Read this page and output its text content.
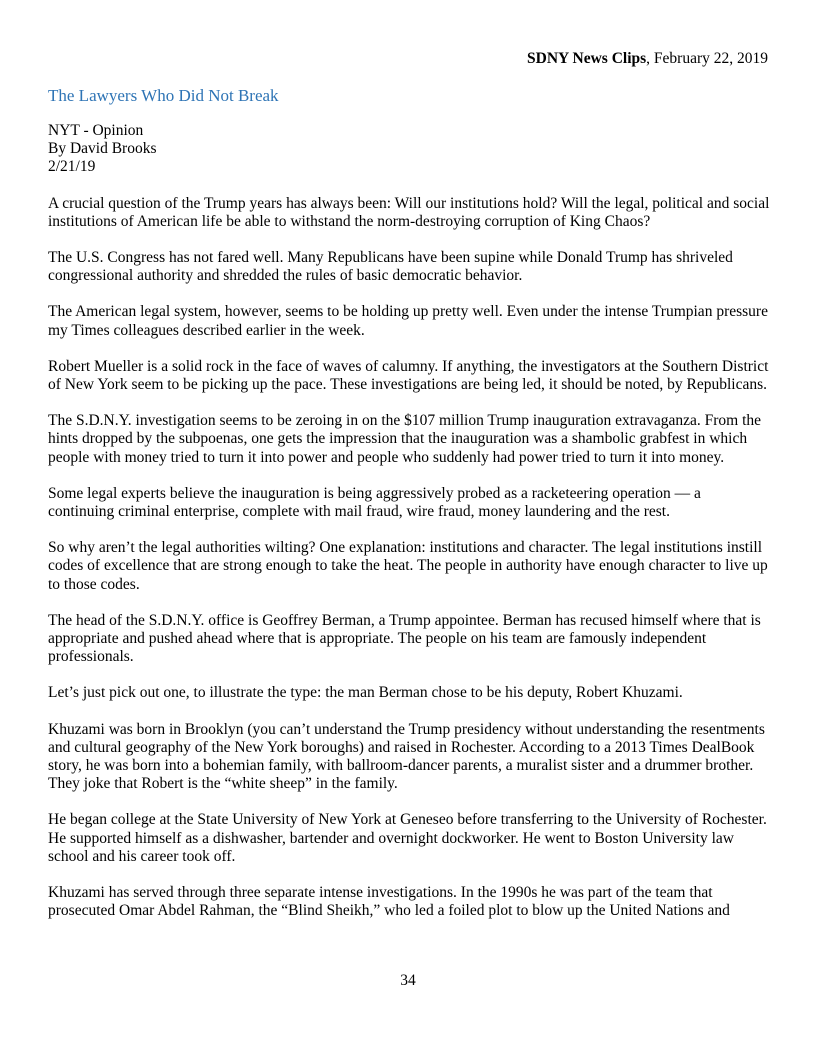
SDNY News Clips, February 22, 2019
The Lawyers Who Did Not Break
NYT - Opinion
By David Brooks
2/21/19

A crucial question of the Trump years has always been: Will our institutions hold? Will the legal, political and social institutions of American life be able to withstand the norm-destroying corruption of King Chaos?

The U.S. Congress has not fared well. Many Republicans have been supine while Donald Trump has shriveled congressional authority and shredded the rules of basic democratic behavior.

The American legal system, however, seems to be holding up pretty well. Even under the intense Trumpian pressure my Times colleagues described earlier in the week.

Robert Mueller is a solid rock in the face of waves of calumny. If anything, the investigators at the Southern District of New York seem to be picking up the pace. These investigations are being led, it should be noted, by Republicans.

The S.D.N.Y. investigation seems to be zeroing in on the $107 million Trump inauguration extravaganza. From the hints dropped by the subpoenas, one gets the impression that the inauguration was a shambolic grabfest in which people with money tried to turn it into power and people who suddenly had power tried to turn it into money.

Some legal experts believe the inauguration is being aggressively probed as a racketeering operation — a continuing criminal enterprise, complete with mail fraud, wire fraud, money laundering and the rest.

So why aren’t the legal authorities wilting? One explanation: institutions and character. The legal institutions instill codes of excellence that are strong enough to take the heat. The people in authority have enough character to live up to those codes.

The head of the S.D.N.Y. office is Geoffrey Berman, a Trump appointee. Berman has recused himself where that is appropriate and pushed ahead where that is appropriate. The people on his team are famously independent professionals.

Let’s just pick out one, to illustrate the type: the man Berman chose to be his deputy, Robert Khuzami.

Khuzami was born in Brooklyn (you can’t understand the Trump presidency without understanding the resentments and cultural geography of the New York boroughs) and raised in Rochester. According to a 2013 Times DealBook story, he was born into a bohemian family, with ballroom-dancer parents, a muralist sister and a drummer brother. They joke that Robert is the “white sheep” in the family.

He began college at the State University of New York at Geneseo before transferring to the University of Rochester. He supported himself as a dishwasher, bartender and overnight dockworker. He went to Boston University law school and his career took off.

Khuzami has served through three separate intense investigations. In the 1990s he was part of the team that prosecuted Omar Abdel Rahman, the “Blind Sheikh,” who led a foiled plot to blow up the United Nations and

34
